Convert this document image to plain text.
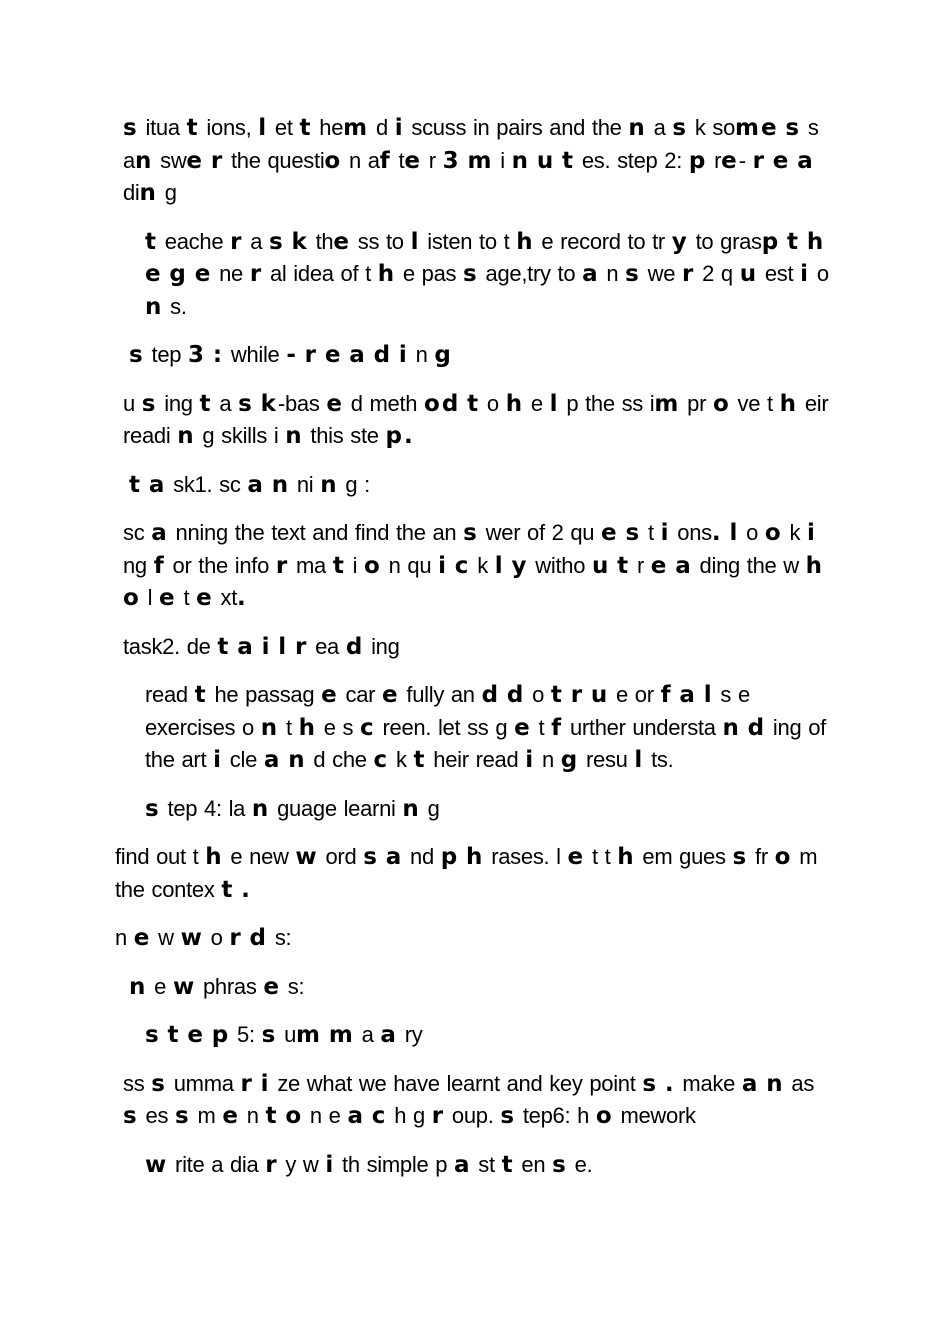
s itua t ions, l et t hem d i scuss in pairs and the n a s k some s s an swe r the questio n af te r 3 m i n u t es. step 2: p re- r e a din g

t eache r a s k the ss to l isten to t h e record to tr y to grasp t h e g e ne r al idea of t h e pas s age,try to a n s we r 2 q u est i o n s.

s tep 3 : while - r e a d i n g

u s ing t a s k-bas e d meth od t o h e l p the ss im pr o ve t h eir readi n g skills i n this ste p.

t a sk1. sc a n ni n g :

sc a nning the text and find the an s wer of 2 qu e s t i ons. l o o k i ng f or the info r ma t i o n qu i c k l y witho u t r e a ding the w h o l e t e xt.

task2. de t a i l r ea d ing

read t he passag e car e fully an d d o t r u e or f a l s e exercises o n t h e s c reen. let ss g e t f urther understa n d ing of the art i cle a n d che c k t heir read i n g resu l ts.

s tep 4: la n guage learni n g

find out t h e new w ord s a nd p h rases. l e t t h em gues s fr o m the contex t .

n e w w o r d s:

n e w phras e s:

s t e p 5: s um m a a ry

ss s umma r i ze what we have learnt and key point s . make a n as s es s m e n t o n e a c h g r oup. s tep6: h o mework

w rite a dia r y w i th simple p a st t en s e.
